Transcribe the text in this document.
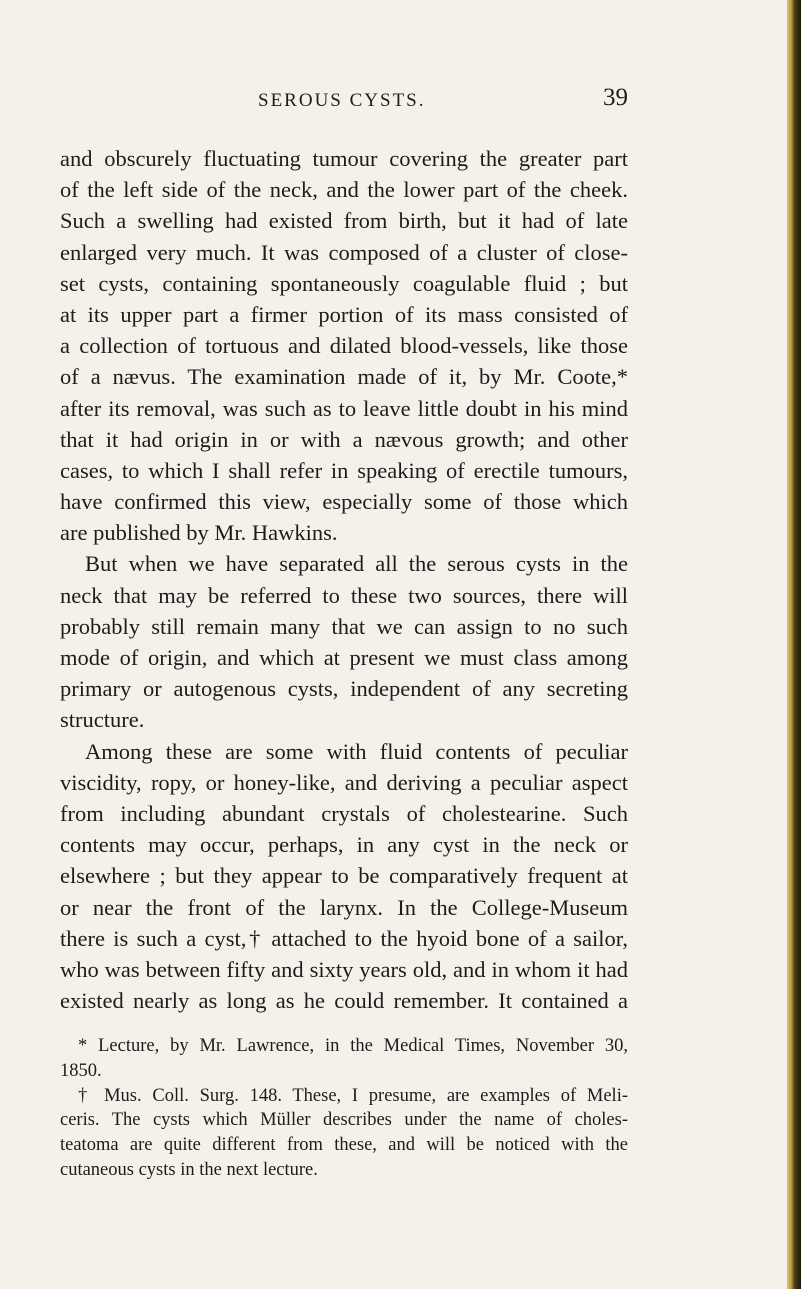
SEROUS CYSTS.	39
and obscurely fluctuating tumour covering the greater part
of the left side of the neck, and the lower part of the cheek.
Such a swelling had existed from birth, but it had of late
enlarged very much. It was composed of a cluster of close-
set cysts, containing spontaneously coagulable fluid ; but
at its upper part a firmer portion of its mass consisted of
a collection of tortuous and dilated blood-vessels, like those
of a nævus. The examination made of it, by Mr. Coote,*
after its removal, was such as to leave little doubt in his mind
that it had origin in or with a nævous growth; and other
cases, to which I shall refer in speaking of erectile tumours,
have confirmed this view, especially some of those which
are published by Mr. Hawkins.
But when we have separated all the serous cysts in the
neck that may be referred to these two sources, there will
probably still remain many that we can assign to no such
mode of origin, and which at present we must class among
primary or autogenous cysts, independent of any secreting
structure.
Among these are some with fluid contents of peculiar
viscidity, ropy, or honey-like, and deriving a peculiar aspect
from including abundant crystals of cholestearine. Such
contents may occur, perhaps, in any cyst in the neck or
elsewhere ; but they appear to be comparatively frequent at
or near the front of the larynx. In the College-Museum
there is such a cyst,† attached to the hyoid bone of a sailor,
who was between fifty and sixty years old, and in whom it had
existed nearly as long as he could remember. It contained a
* Lecture, by Mr. Lawrence, in the Medical Times, November 30,
1850.
† Mus. Coll. Surg. 148. These, I presume, are examples of Meli-
ceris. The cysts which Müller describes under the name of choles-
teatoma are quite different from these, and will be noticed with the
cutaneous cysts in the next lecture.
